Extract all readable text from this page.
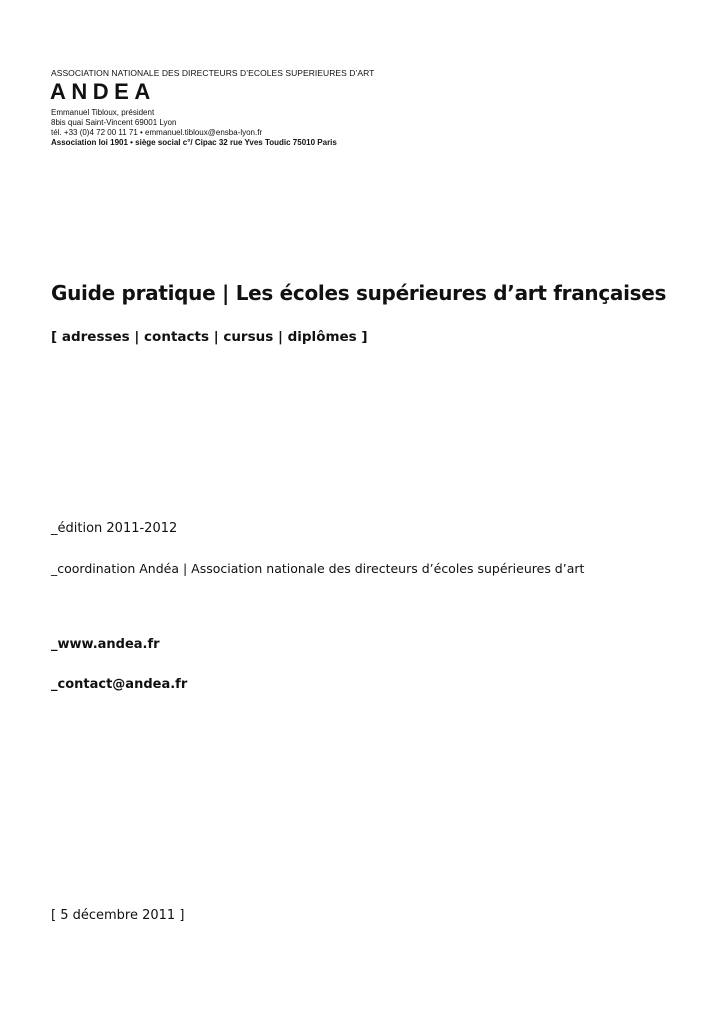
ASSOCIATION NATIONALE DES DIRECTEURS D’ECOLES SUPERIEURES D’ART
ANDEA
Emmanuel Tibloux, président
8bis quai Saint-Vincent 69001 Lyon
tél. +33 (0)4 72 00 11 71 • emmanuel.tibloux@ensba-lyon.fr
Association loi 1901 • siège social c°/ Cipac 32 rue Yves Toudic 75010 Paris
Guide pratique | Les écoles supérieures d’art françaises
[ adresses | contacts | cursus | diplômes ]
_édition 2011-2012
_coordination Andéa | Association nationale des directeurs d’écoles supérieures d’art
_www.andea.fr
_contact@andea.fr
[ 5 décembre 2011 ]
